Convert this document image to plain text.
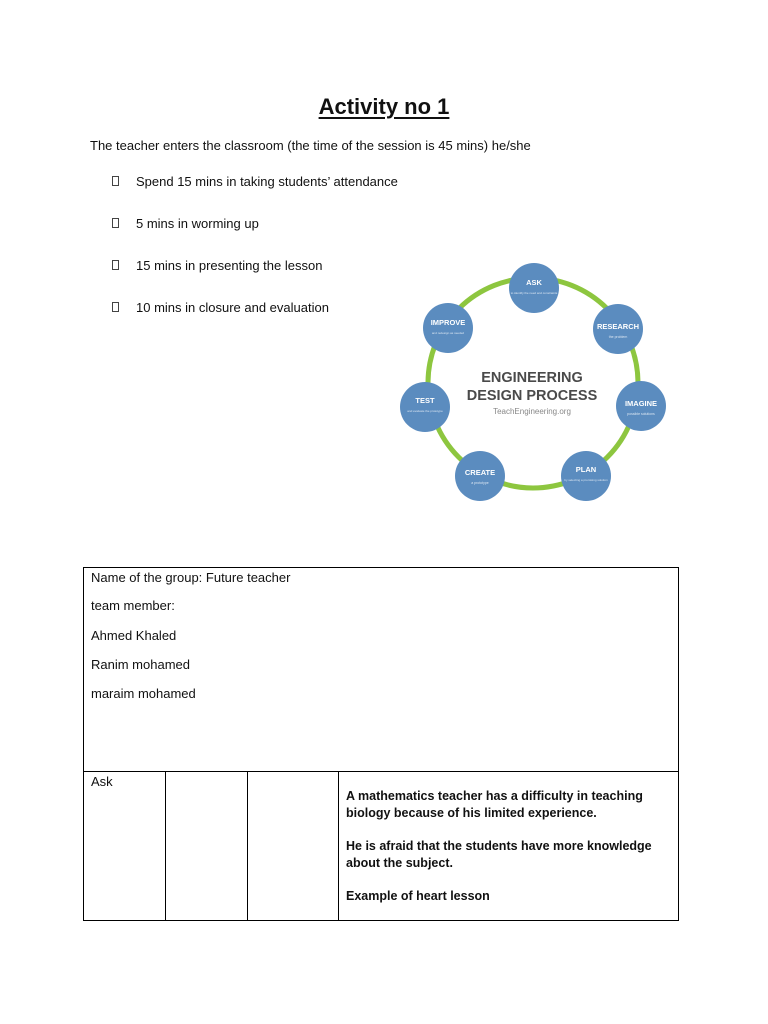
Activity no 1
The teacher enters the classroom (the time of the session is 45 mins) he/she
Spend 15 mins in taking students’ attendance
5 mins in worming up
15 mins in presenting the lesson
10 mins in closure and evaluation
ENGINEERING
DESIGN PROCESS
TeachEngineering.org
ASK
to identify the need and constraints
RESEARCH
the problem
IMAGINE
possible solutions
PLAN
by selecting a promising solution
CREATE
a prototype
TEST
and evaluate the prototype
IMPROVE
and redesign as needed
Name of the group: Future teacher
team member:
Ahmed Khaled
Ranim mohamed
maraim mohamed
Ask

A mathematics teacher has a difficulty in teaching biology because of his limited experience.

He is afraid that the students have more knowledge about the subject.

Example of heart lesson
